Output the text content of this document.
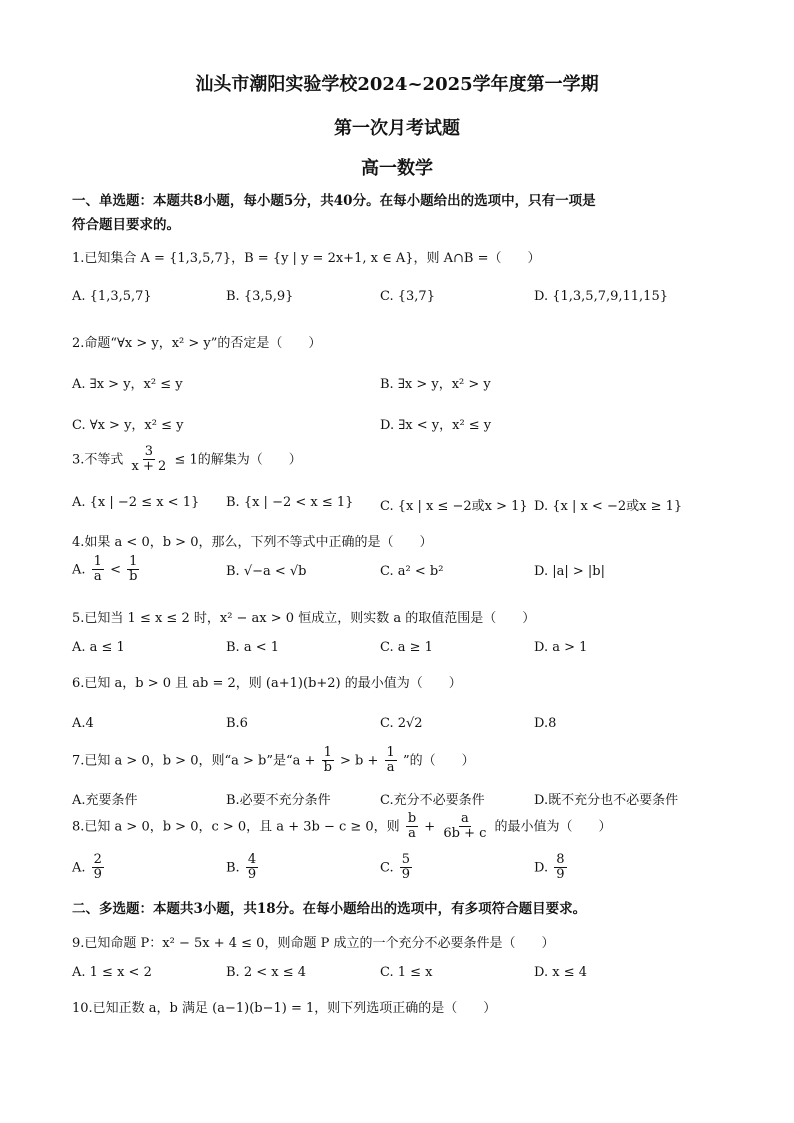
汕头市潮阳实验学校2024~2025学年度第一学期
第一次月考试题
高一数学
一、单选题：本题共8小题，每小题5分，共40分。在每小题给出的选项中，只有一项是
符合题目要求的。
1.已知集合 A = {1,3,5,7}，B = {y | y = 2x+1, x ∈ A}，则 A∩B =（　　）
A. {1,3,5,7}	B. {3,5,9}	C. {3,7}	D. {1,3,5,7,9,11,15}
2.命题“∀x > y，x² > y”的否定是（　　）
A. ∃x > y，x² ≤ y	B. ∃x > y，x² > y
C. ∀x > y，x² ≤ y	D. ∃x < y，x² ≤ y
3.不等式 $\frac{3}{x + 2} \le 1$的解集为（　　）
A. {x | −2 ≤ x < 1} B. {x | −2 < x ≤ 1} C. {x | x ≤ −2或x > 1} D. {x | x < −2或x ≥ 1}
4.如果 a < 0，b > 0，那么，下列不等式中正确的是（　　）
A. $\frac{1}{a} < \frac{1}{b}$	B. √−a < √b	C. a² < b²	D. |a| > |b|
5.已知当 1 ≤ x ≤ 2 时，x² − ax > 0 恒成立，则实数 a 的取值范围是（　　）
A. a ≤ 1	B. a < 1	C. a ≥ 1	D. a > 1
6.已知 a，b > 0 且 ab = 2，则 (a+1)(b+2) 的最小值为（　　）
A.4	B.6	C. 2√2	D.8
7.已知 a > 0，b > 0，则“a > b”是“$a + \frac{1}{b} > b + \frac{1}{a}$ ”的（　　）
A.充要条件	B.必要不充分条件	C.充分不必要条件	D.既不充分也不必要条件
8.已知 a > 0，b > 0，c > 0，且 a + 3b − c ≥ 0，则 $\frac{b}{a} + \frac{a}{6b + c}$ 的最小值为（　　）
A. $\frac{2}{9}$	B. $\frac{4}{9}$	C. $\frac{5}{9}$	D. $\frac{8}{9}$
二、多选题：本题共3小题，共18分。在每小题给出的选项中，有多项符合题目要求。
9.已知命题 P：x² − 5x + 4 ≤ 0，则命题 P 成立的一个充分不必要条件是（　　）
A. 1 ≤ x < 2	B. 2 < x ≤ 4	C. 1 ≤ x	D. x ≤ 4
10.已知正数 a，b 满足 (a−1)(b−1) = 1，则下列选项正确的是（　　）
